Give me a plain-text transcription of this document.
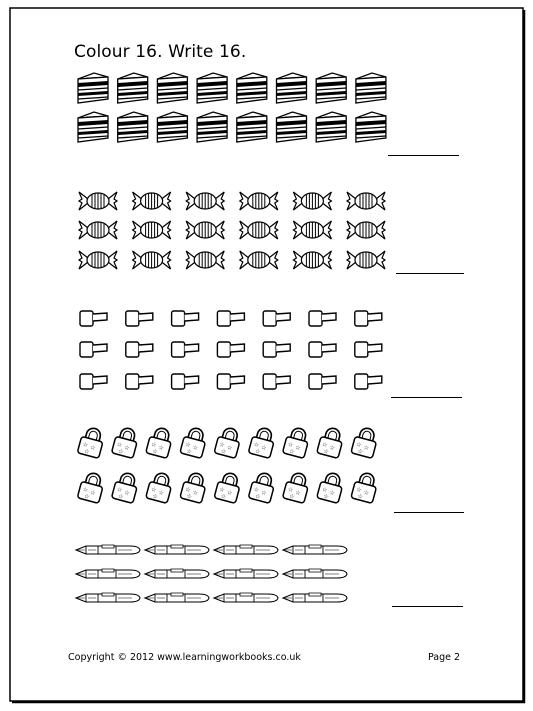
Colour 16. Write 16.
☆ ☆
☆
☆ ☆
☆
☆ ☆
☆
☆ ☆
☆
☆ ☆
☆
☆ ☆
☆
☆ ☆
☆
☆ ☆
☆
☆ ☆
☆
☆ ☆
☆
☆ ☆
☆
☆ ☆
☆
☆ ☆
☆
☆ ☆
☆
☆ ☆
☆
☆ ☆
☆
☆ ☆
☆
☆ ☆
☆
Copyright © 2012 www.learningworkbooks.co.uk	Page 2
